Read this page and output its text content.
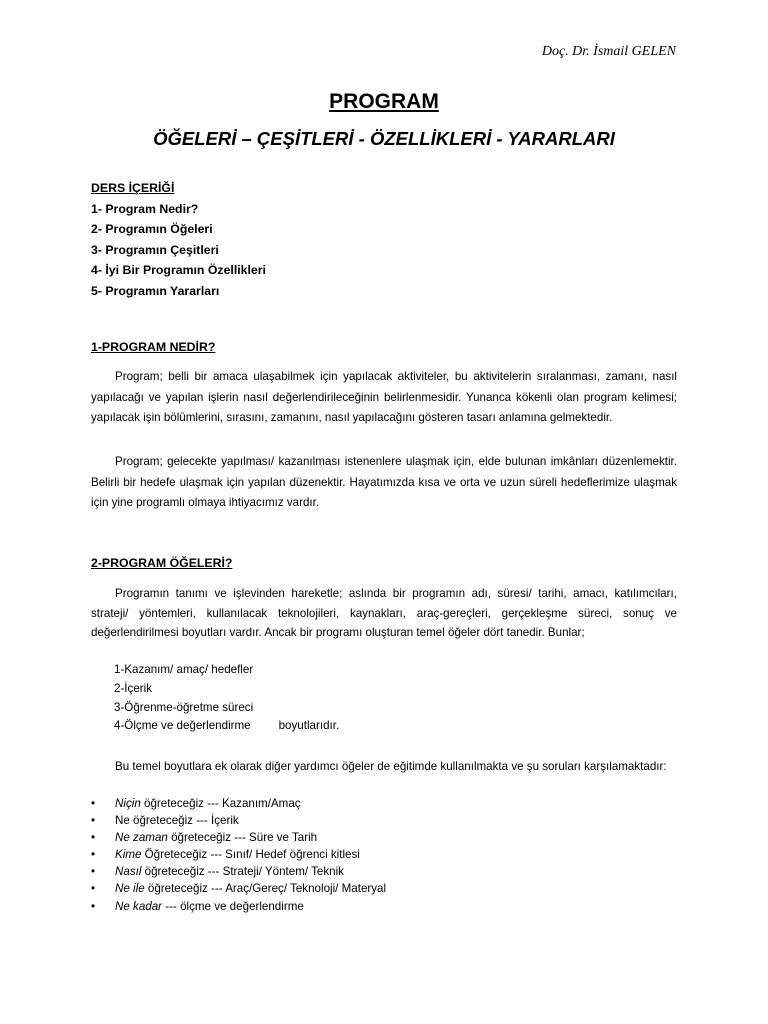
Doç. Dr. İsmail GELEN
PROGRAM
ÖĞELERİ – ÇEŞİTLERİ - ÖZELLİKLERİ - YARARLARI
DERS İÇERİĞİ
1- Program Nedir?
2- Programın Öğeleri
3- Programın Çeşitleri
4- İyi Bir Programın Özellikleri
5- Programın Yararları
1-PROGRAM NEDİR?
Program; belli bir amaca ulaşabilmek için yapılacak aktiviteler, bu aktivitelerin sıralanması, zamanı, nasıl yapılacağı ve yapılan işlerin nasıl değerlendirileceğinin belirlenmesidir. Yunanca kökenli olan program kelimesi; yapılacak işin bölümlerini, sırasını, zamanını, nasıl yapılacağını gösteren tasarı anlamına gelmektedir.
Program; gelecekte yapılması/ kazanılması istenenlere ulaşmak için, elde bulunan imkânları düzenlemektir. Belirli bir hedefe ulaşmak için yapılan düzenektir. Hayatımızda kısa ve orta ve uzun süreli hedeflerimize ulaşmak için yine programlı olmaya ihtiyacımız vardır.
2-PROGRAM ÖĞELERİ?
Programın tanımı ve işlevinden hareketle; aslında bir programın adı, süresi/ tarihi, amacı, katılımcıları, strateji/ yöntemleri, kullanılacak teknolojileri, kaynakları, araç-gereçleri, gerçekleşme süreci, sonuç ve değerlendirilmesi boyutları vardır. Ancak bir programı oluşturan temel öğeler dört tanedir. Bunlar;
1-Kazanım/ amaç/ hedefler
2-İçerik
3-Öğrenme-öğretme süreci
4-Ölçme ve değerlendirme boyutlarıdır.
Bu temel boyutlara ek olarak diğer yardımcı öğeler de eğitimde kullanılmakta ve şu soruları karşılamaktadır:
• Niçin öğreteceğiz --- Kazanım/Amaç
• Ne öğreteceğiz --- İçerik
• Ne zaman öğreteceğiz --- Süre ve Tarih
• Kime Öğreteceğiz --- Sınıf/ Hedef öğrenci kitlesi
• Nasıl öğreteceğiz --- Strateji/ Yöntem/ Teknik
• Ne ile öğreteceğiz --- Araç/Gereç/ Teknoloji/ Materyal
• Ne kadar --- ölçme ve değerlendirme
